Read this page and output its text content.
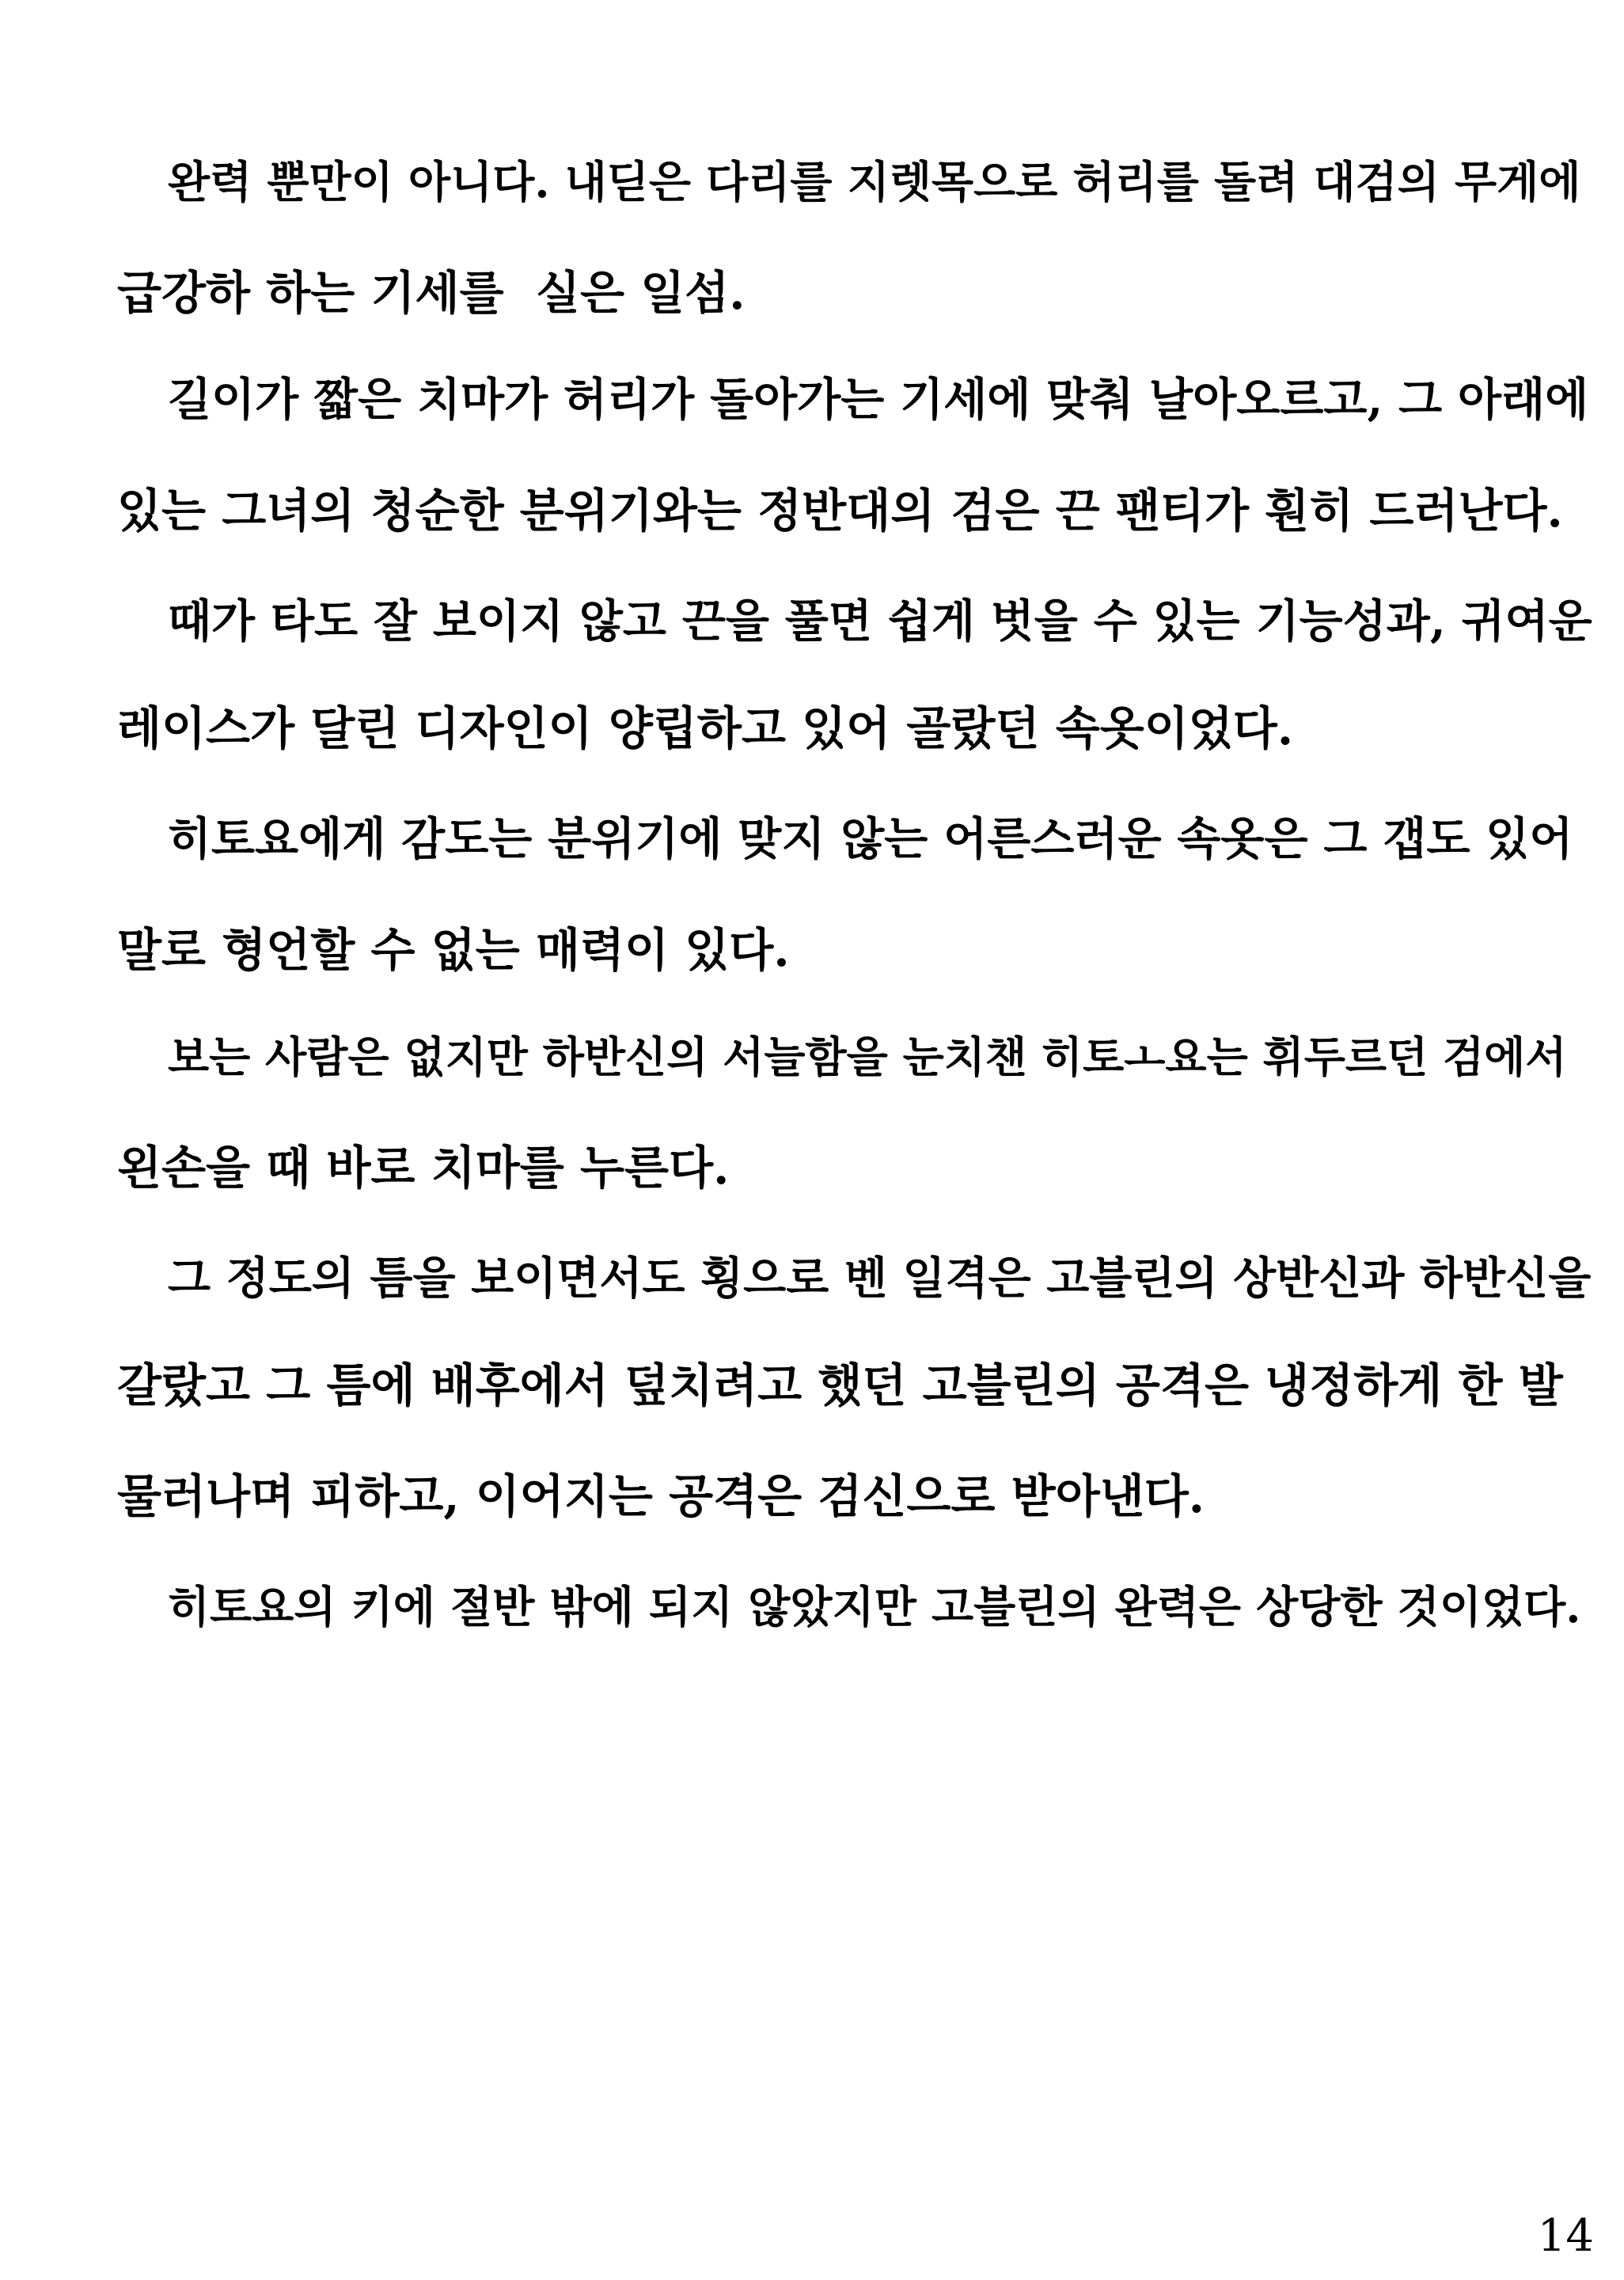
완력 뿐만이 아니다. 내딛은 다리를 지렛목으로 허리를 돌려 대검의 무게에

급강하 하는 기세를  실은 일섬.

길이가 짧은 치마가 허리가 돌아가는 기세에 맞춰 날아오르고, 그 아래에

있는 그녀의 청순한 분위기와는 정반대의 검은 끈 팬티가 훤히 드러난다.

때가 타도 잘 보이지 않고 끈을 풀면 쉽게 벗을 수 있는 기능성과, 귀여운

레이스가 달린 디자인이 양립하고 있어 골랐던 속옷이었다.

히토요에게 감도는 분위기에 맞지 않는 어른스러운 속옷은 그 갭도 있어

말로 형언할 수 없는 매력이 있다.

보는 사람은 없지만 하반신의 서늘함을 눈치챈 히토ㅗ요는 휘두르던 검에서

왼손을 때 바로 치마를 누른다.

그 정도의 틈을 보이면서도 횡으로 벤 일격은 고블린의 상반신과 하반신을

갈랐고 그 틈에 배후에서 덮치려고 했던 고블린의 공격은 냉정하게 한 발

물러나며 피하고, 이어지는 공격은 검신으로 받아낸다.

히토요의 키에 절반 밖에 되지 않았지만 고블린의 완력은 상당한 것이었다.

14
